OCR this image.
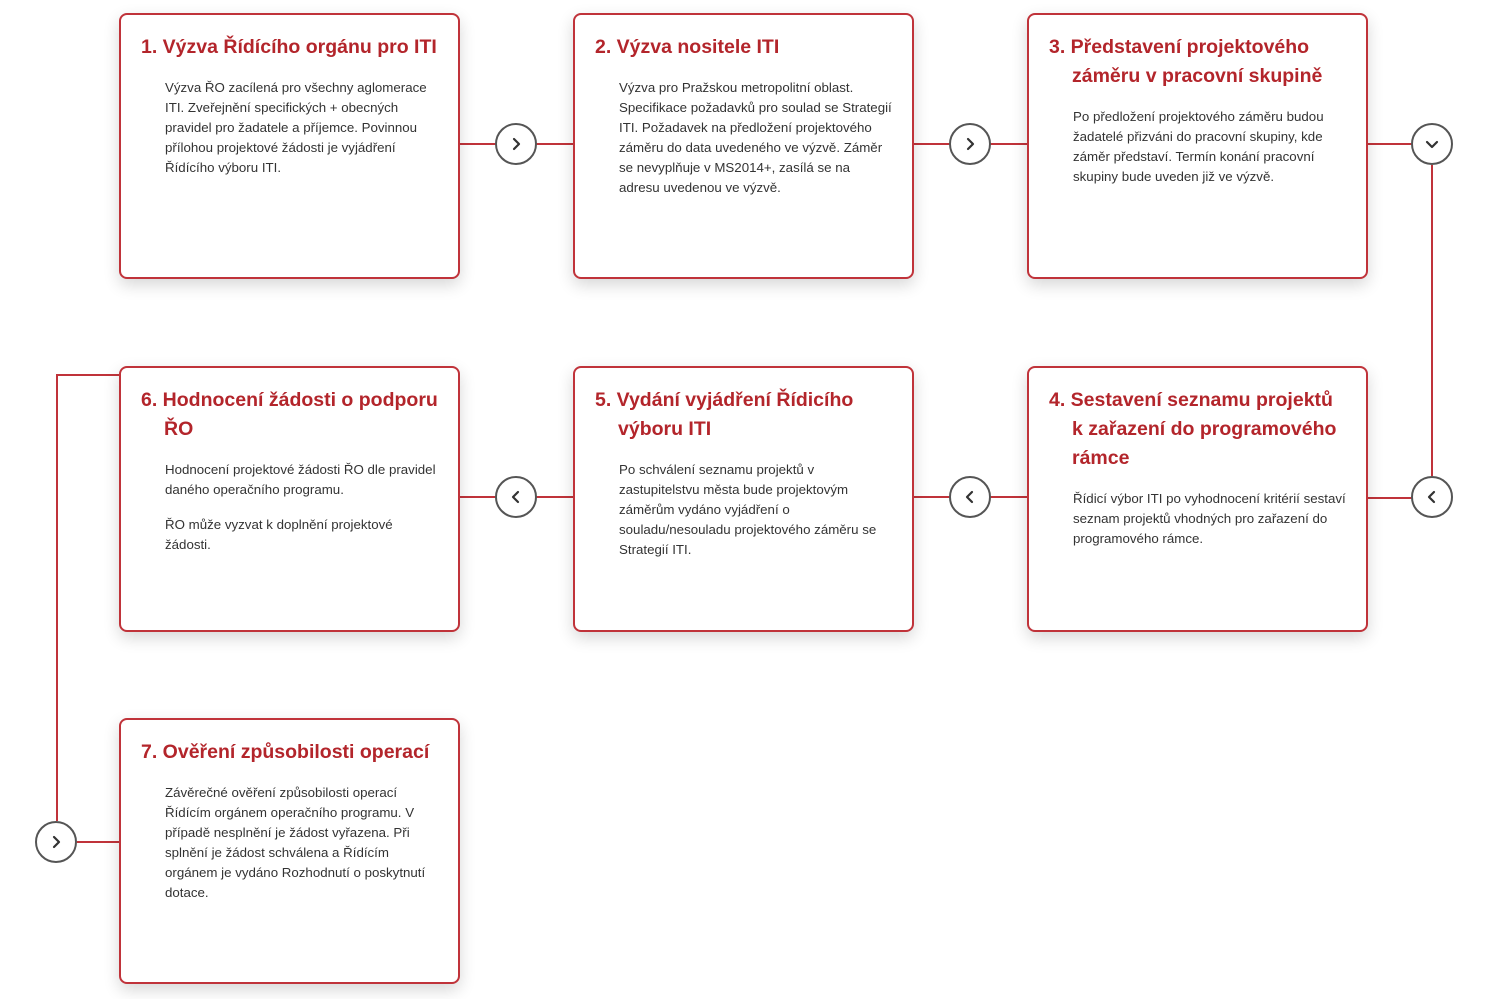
1. Výzva Řídícího orgánu pro ITI

Výzva ŘO zacílená pro všechny aglomerace ITI. Zveřejnění specifických + obecných pravidel pro žadatele a příjemce. Povinnou přílohou projektové žádosti je vyjádření Řídícího výboru ITI.

2. Výzva nositele ITI

Výzva pro Pražskou metropolitní oblast. Specifikace požadavků pro soulad se Strategií ITI. Požadavek na předložení projektového záměru do data uvedeného ve výzvě. Záměr se nevyplňuje v MS2014+, zasílá se na adresu uvedenou ve výzvě.

3. Představení projektového záměru v pracovní skupině

Po předložení projektového záměru budou žadatelé přizváni do pracovní skupiny, kde záměr představí. Termín konání pracovní skupiny bude uveden již ve výzvě.

4. Sestavení seznamu projektů k zařazení do programového rámce

Řídicí výbor ITI po vyhodnocení kritérií sestaví seznam projektů vhodných pro zařazení do programového rámce.

5. Vydání vyjádření Řídicího výboru ITI

Po schválení seznamu projektů v zastupitelstvu města bude projektovým záměrům vydáno vyjádření o souladu/nesouladu projektového záměru se Strategií ITI.

6. Hodnocení žádosti o podporu ŘO

Hodnocení projektové žádosti ŘO dle pravidel daného operačního programu.

ŘO může vyzvat k doplnění projektové žádosti.

7. Ověření způsobilosti operací

Závěrečné ověření způsobilosti operací Řídícím orgánem operačního programu. V případě nesplnění je žádost vyřazena. Při splnění je žádost schválena a Řídícím orgánem je vydáno Rozhodnutí o poskytnutí dotace.
